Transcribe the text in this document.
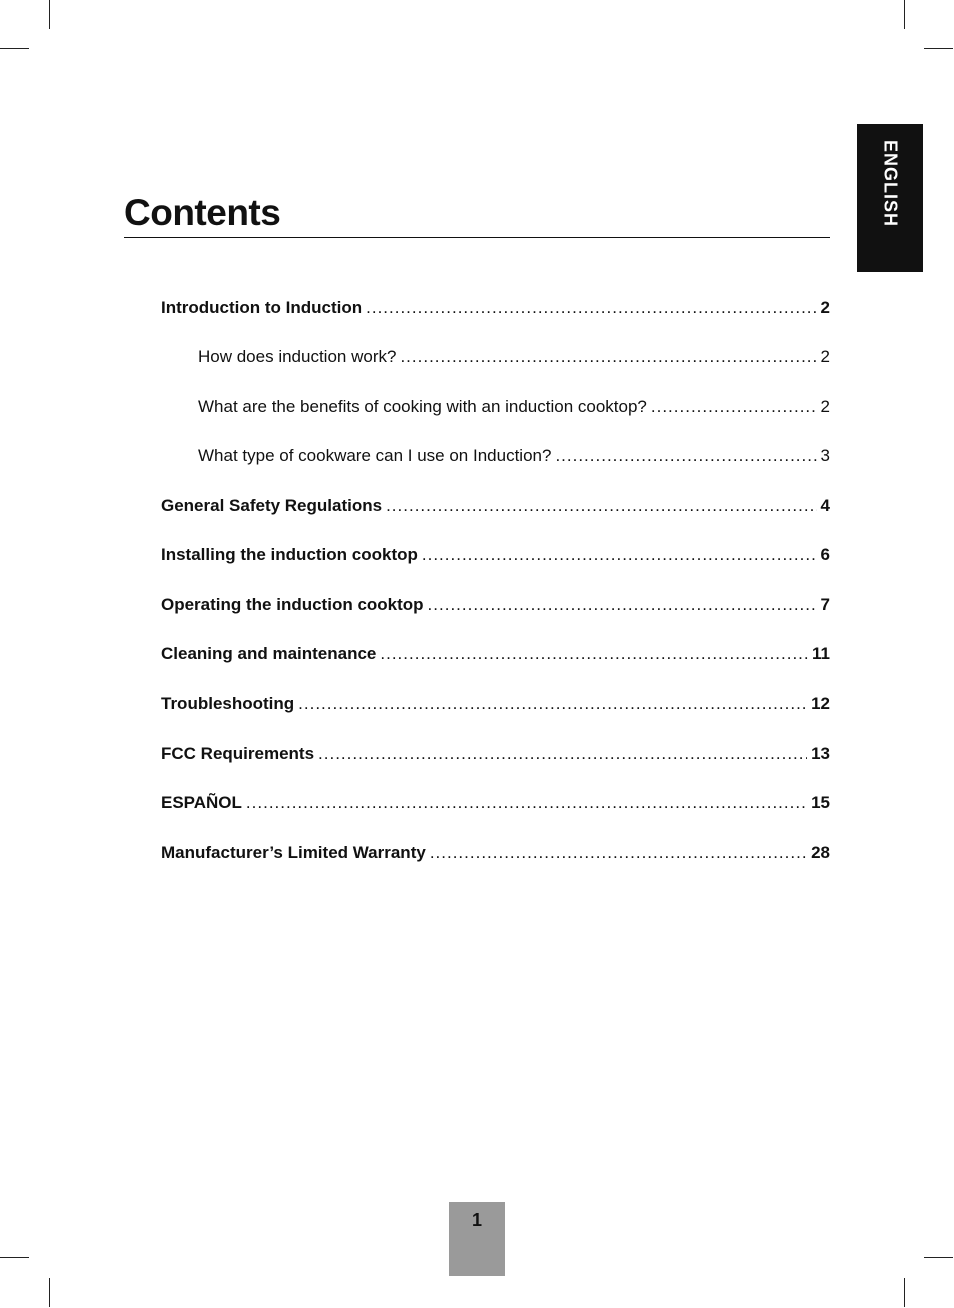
ENGLISH
Contents
Introduction to Induction .....	2
How does induction work? .....	2
What are the benefits of cooking with an induction cooktop? .....	2
What type of cookware can I use on Induction? .....	3
General Safety Regulations .....	4
Installing the induction cooktop .....	6
Operating the induction cooktop .....	7
Cleaning and maintenance .....	11
Troubleshooting .....	12
FCC Requirements .....	13
ESPAÑOL .....	15
Manufacturer’s Limited Warranty .....	28
1
